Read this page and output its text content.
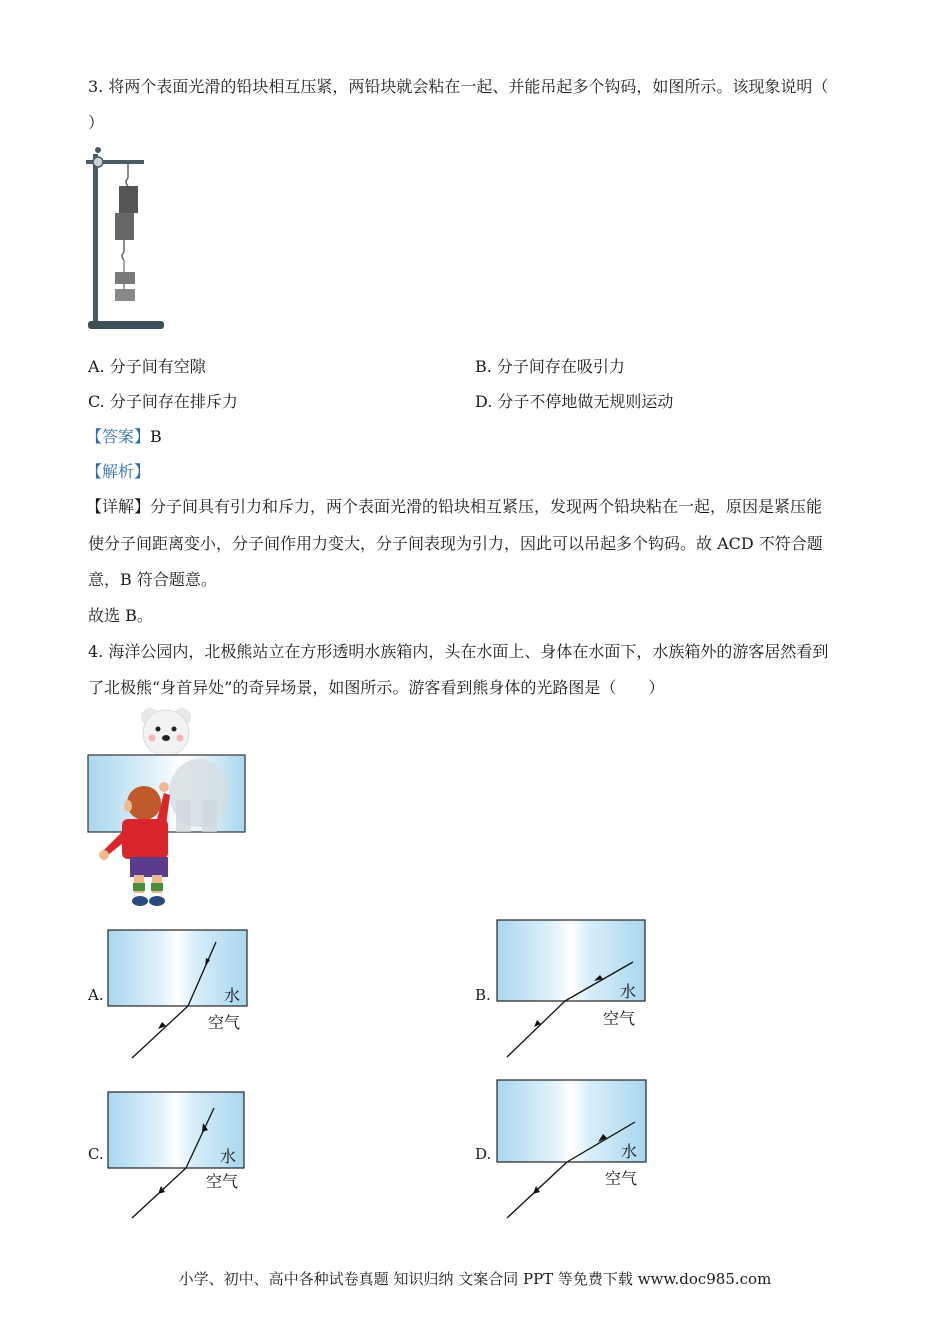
3. 将两个表面光滑的铅块相互压紧，两铅块就会粘在一起、并能吊起多个钩码，如图所示。该现象说明（
）
A. 分子间有空隙	B. 分子间存在吸引力
C. 分子间存在排斥力	D. 分子不停地做无规则运动
【答案】B
【解析】
【详解】分子间具有引力和斥力，两个表面光滑的铅块相互紧压，发现两个铅块粘在一起，原因是紧压能
使分子间距离变小，分子间作用力变大，分子间表现为引力，因此可以吊起多个钩码。故 ACD 不符合题
意，B 符合题意。
故选 B。
4. 海洋公园内，北极熊站立在方形透明水族箱内，头在水面上、身体在水面下，水族箱外的游客居然看到
了北极熊“身首异处”的奇异场景，如图所示。游客看到熊身体的光路图是（　　）
A.	水
空气
B.	水
空气
C.	水
空气
D.	水
空气
小学、初中、高中各种试卷真题 知识归纳 文案合同 PPT 等免费下载 www.doc985.com
